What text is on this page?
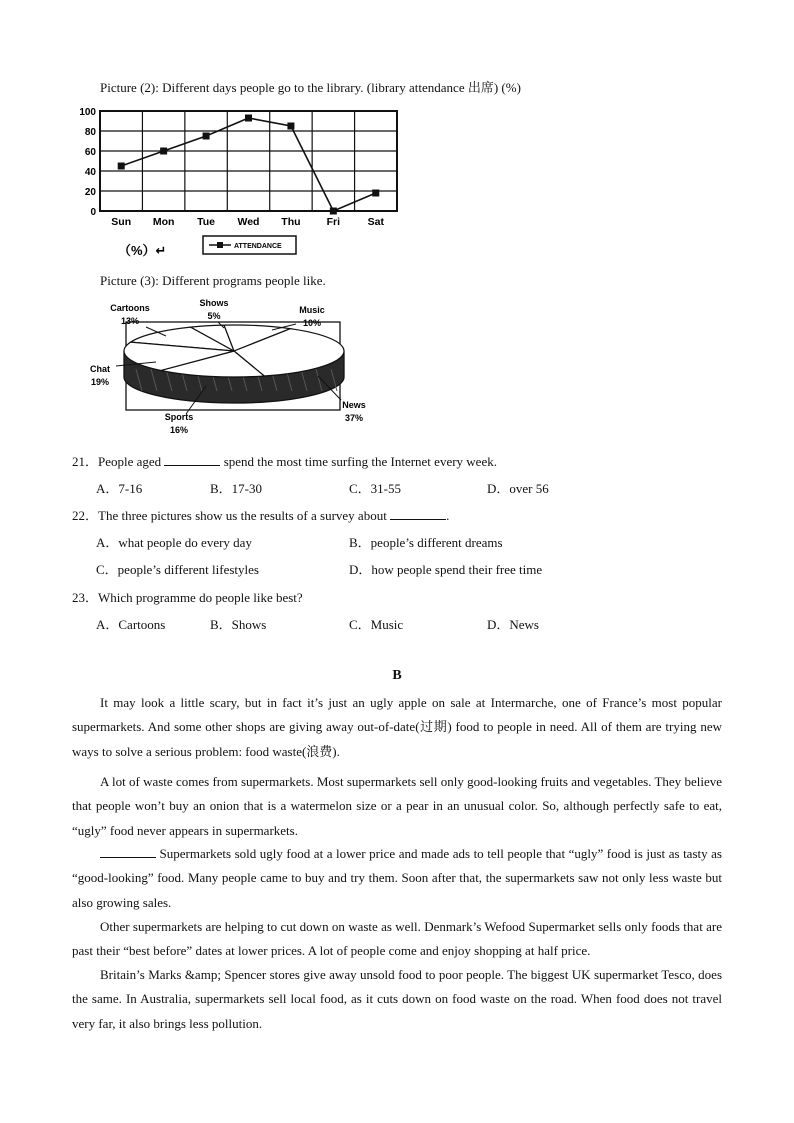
Picture (2): Different days people go to the library. (library attendance 出席) (%)
0
20
40
60
80
100
Sun Mon Tue Wed Thu Fri	Sat
（%）↵	ATTENDANCE
Picture (3): Different programs people like.
Cartoons
13%
Shows
5%
Music
10%
News
37%
Sports
16%
Chat
19%
21．People aged	spend the most time surfing the Internet every week.
A．7-16	B．17-30	C．31-55	D．over 56
22．The three pictures show us the results of a survey about	.
A．what people do every day	B．people’s different dreams
C．people’s different lifestyles	D．how people spend their free time
23．Which programme do people like best?
A．Cartoons	B．Shows	C．Music	D．News
B

It may look a little scary, but in fact it’s just an ugly apple on sale at Intermarche, one of France’s most popular supermarkets. And some other shops are giving away out-of-date(过期) food to people in need. All of them are trying new ways to solve a serious problem: food waste(浪费).

A lot of waste comes from supermarkets. Most supermarkets sell only good-looking fruits and vegetables. They believe that people won’t buy an onion that is a watermelon size or a pear in an unusual color. So, although perfectly safe to eat, “ugly” food never appears in supermarkets.

Supermarkets sold ugly food at a lower price and made ads to tell people that “ugly” food is just as tasty as “good-looking” food. Many people came to buy and try them. Soon after that, the supermarkets saw not only less waste but also growing sales.

Other supermarkets are helping to cut down on waste as well. Denmark’s Wefood Supermarket sells only foods that are past their “best before” dates at lower prices. A lot of people come and enjoy shopping at half price.

Britain’s Marks &amp; Spencer stores give away unsold food to poor people. The biggest UK supermarket Tesco, does the same. In Australia, supermarkets sell local food, as it cuts down on food waste on the road. When food does not travel very far, it also brings less pollution.
